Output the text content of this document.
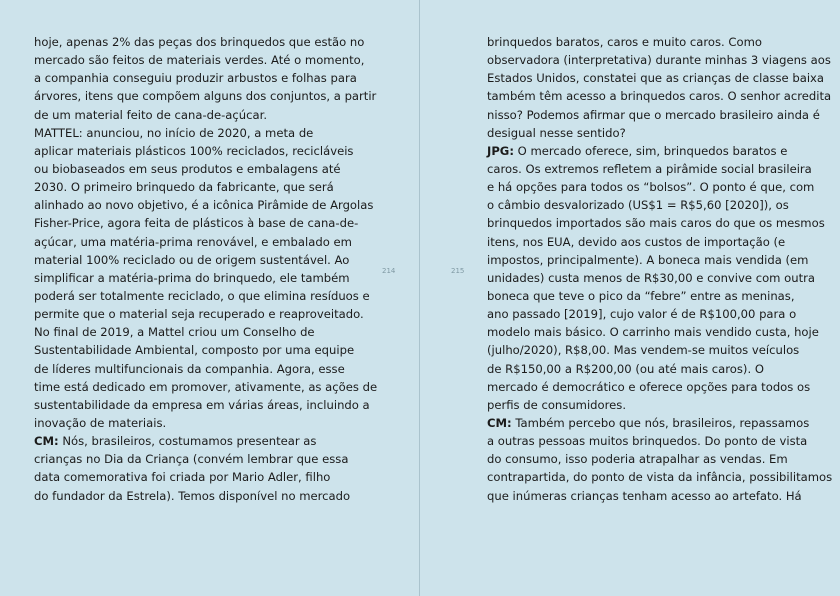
hoje, apenas 2% das peças dos brinquedos que estão no
mercado são feitos de materiais verdes. Até o momento,
a companhia conseguiu produzir arbustos e folhas para
árvores, itens que compõem alguns dos conjuntos, a partir
de um material feito de cana-de-açúcar.
MATTEL: anunciou, no início de 2020, a meta de
aplicar materiais plásticos 100% reciclados, recicláveis
ou biobaseados em seus produtos e embalagens até
2030. O primeiro brinquedo da fabricante, que será
alinhado ao novo objetivo, é a icônica Pirâmide de Argolas
Fisher-Price, agora feita de plásticos à base de cana-de-
açúcar, uma matéria-prima renovável, e embalado em
material 100% reciclado ou de origem sustentável. Ao
simplificar a matéria-prima do brinquedo, ele também
poderá ser totalmente reciclado, o que elimina resíduos e
permite que o material seja recuperado e reaproveitado.
No final de 2019, a Mattel criou um Conselho de
Sustentabilidade Ambiental, composto por uma equipe
de líderes multifuncionais da companhia. Agora, esse
time está dedicado em promover, ativamente, as ações de
sustentabilidade da empresa em várias áreas, incluindo a
inovação de materiais.
CM: Nós, brasileiros, costumamos presentear as
crianças no Dia da Criança (convém lembrar que essa
data comemorativa foi criada por Mario Adler, filho
do fundador da Estrela). Temos disponível no mercado
214	215
brinquedos baratos, caros e muito caros. Como
observadora (interpretativa) durante minhas 3 viagens aos
Estados Unidos, constatei que as crianças de classe baixa
também têm acesso a brinquedos caros. O senhor acredita
nisso? Podemos afirmar que o mercado brasileiro ainda é
desigual nesse sentido?
JPG: O mercado oferece, sim, brinquedos baratos e
caros. Os extremos refletem a pirâmide social brasileira
e há opções para todos os “bolsos”. O ponto é que, com
o câmbio desvalorizado (US$1 = R$5,60 [2020]), os
brinquedos importados são mais caros do que os mesmos
itens, nos EUA, devido aos custos de importação (e
impostos, principalmente). A boneca mais vendida (em
unidades) custa menos de R$30,00 e convive com outra
boneca que teve o pico da “febre” entre as meninas,
ano passado [2019], cujo valor é de R$100,00 para o
modelo mais básico. O carrinho mais vendido custa, hoje
(julho/2020), R$8,00. Mas vendem-se muitos veículos
de R$150,00 a R$200,00 (ou até mais caros). O
mercado é democrático e oferece opções para todos os
perfis de consumidores.
CM: Também percebo que nós, brasileiros, repassamos
a outras pessoas muitos brinquedos. Do ponto de vista
do consumo, isso poderia atrapalhar as vendas. Em
contrapartida, do ponto de vista da infância, possibilitamos
que inúmeras crianças tenham acesso ao artefato. Há
